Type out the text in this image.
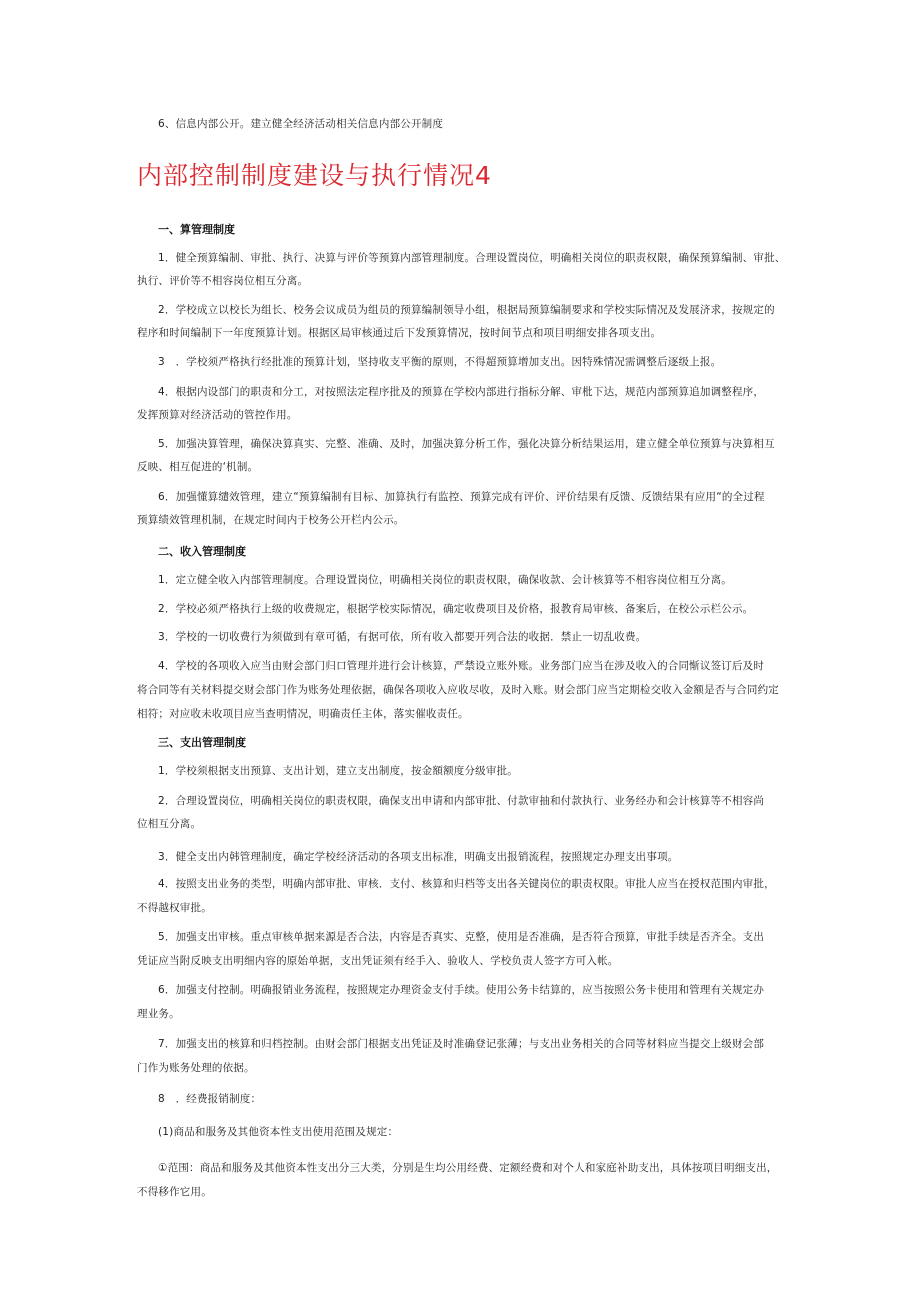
6、信息内部公开。建立健全经济活动相关信息内部公开制度
内部控制制度建设与执行情况4
一、算管理制度
1．健全预算编制、审批、执行、决算与评价等预算内部管理制度。合理设置岗位，明确相关岗位的职责权限，确保预算编制、审批、
执行、评价等不相容岗位相互分离。
2．学校成立以校长为组长、校务会议成员为组员的预算编制领导小组，根据局预算编制要求和学校实际情况及发展济求，按规定的
程序和时间编制下一年度预算计划。根据区局审核通过后下发预算情况，按时间节点和项目明细安排各项支出。
3　．学校须严格执行经批准的预算计划，坚持收支平衡的原则，不得超预算增加支出。因特殊情况需调整后逐级上报。
4．根据内设部门的职责和分工，对按照法定程序批及的预算在学校内部进行指标分解、审枇下达，规范内部预算追加调整程序，
发挥预算对经济活动的管控作用。
5．加强决算管理，确保决算真实、完整、准确、及时，加强决算分析工作，强化决算分析结果运用，建立健全单位预算与决算相互
反映、相互促进的‘机制。
6．加强懂算缱效管理，建立“预算编制有目标、加算执行有监控、预算完成有评价、评价结果有反馈、反馈结果有应用“的全过程
预算绩效管理机制，在规定时间内于校务公开栏内公示。
二、收入管理制度
1．定立健全收入内部管理制度。合理设置岗位，明确相关岗位的职责权限，确保收款、会计核算等不相容岗位相互分离。
2．学校必须严格执行上级的收费规定，根据学校实际情况，确定收费项目及价格，报教育局审核、备案后，在校公示栏公示。
3．学校的一切收费行为须做到有章可循，有据可依，所有收入都要开列合法的收据．禁止一切乱收费。
4．学校的各项收入应当由财会部门归口管理并进行会计核算，严禁设立账外账。业务部门应当在涉及收入的合同惭议签订后及时
将合同等有关材料提交财会部门作为账务处理依据，确保各项收入应收尽收，及时入账。财会部门应当定期检交收入金额是否与合同约定
相符；对应收未收项目应当查明情况，明确责任主体，落实催收责任。
三、支出管理制度
1．学校须根据支出预算、支出计划，建立支出制度，按金額额度分级审批。
2．合理设置岗位，明确相关岗位的职责权限，确保支出申请和内部审批、付款审抽和付款执行、业务经办和会计核算等不相容尚
位相互分离。
3．健全支出内韩管理制度，确定学校经济活动的各项支出标准，明确支出报销流程，按照规定办理支出事项。
4．按照支出业务的类型，明确内部审批、审核．支付、核算和归档等支出各关键岗位的职责权限。审批人应当在授权范围内审批，
不得越权审批。
5．加强支出审核。重点审核单据来源是否合法，内容是否真实、克整，使用是否准确，是否符合预算，审批手续是否齐全。支出
凭证应当附反映支出明细内容的原始单据，支出凭证须有经手入、验收人、学校负责人签字方可入帐。
6．加强支付控制。明确报销业务流程，按照规定办理资金支付手续。使用公务卡结算的，应当按照公务卡使用和管理有关规定办
理业务。
7．加强支出的核算和归档控制。由财会部门根据支出凭证及时准确登记张薄；与支出业务相关的合同等材料应当提交上级财会部
门作为账务处理的依据。
8　．经费报销制度：
(1)商品和服务及其他资本性支出使用范围及规定：
①范围：商品和服务及其他资本性支出分三大类，分别是生均公用经费、定额经费和对个人和家庭补助支出，具体按项目明细支出，
不得移作它用。
